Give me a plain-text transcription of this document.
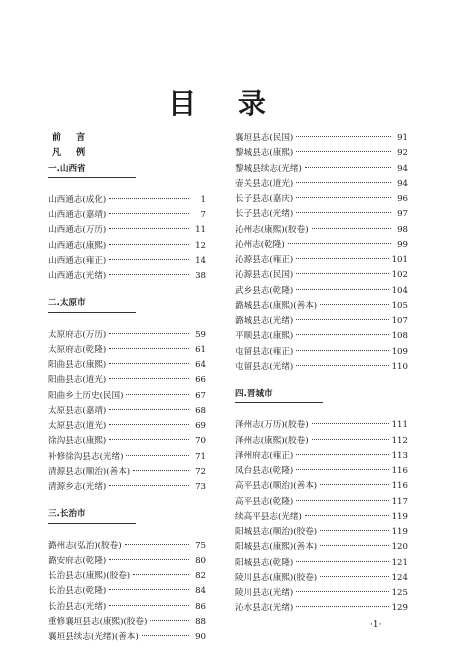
目 录
前 言
凡 例
一.山西省
山西通志(成化)	1
山西通志(嘉靖)	7
山西通志(万历)	11
山西通志(康熙)	12
山西通志(雍正)	14
山西通志(光绪)	38
二.太原市
太原府志(万历)	59
太原府志(乾隆)	61
阳曲县志(康熙)	64
阳曲县志(道光)	66
阳曲乡土历史(民国)	67
太原县志(嘉靖)	68
太原县志(道光)	69
徐沟县志(康熙)	70
补修徐沟县志(光绪)	71
清源县志(顺治)(善本)	72
清源乡志(光绪)	73
三.长治市
潞州志(弘治)(胶卷)	75
潞安府志(乾隆)	80
长治县志(康熙)(胶卷)	82
长治县志(乾隆)	84
长治县志(光绪)	86
重修襄垣县志(康熙)(胶卷)	88
襄垣县续志(光绪)(善本)	90
襄垣县志(民国)	91
黎城县志(康熙)	92
黎城县续志(光绪)	94
壶关县志(道光)	94
长子县志(嘉庆)	96
长子县志(光绪)	97
沁州志(康熙)(胶卷)	98
沁州志(乾隆)	99
沁源县志(雍正)	101
沁源县志(民国)	102
武乡县志(乾隆)	104
潞城县志(康熙)(善本)	105
潞城县志(光绪)	107
平顺县志(康熙)	108
屯留县志(雍正)	109
屯留县志(光绪)	110
四.晋城市
泽州志(万历)(胶卷)	111
泽州志(康熙)(胶卷)	112
泽州府志(雍正)	113
凤台县志(乾隆)	116
高平县志(顺治)(善本)	116
高平县志(乾隆)	117
续高平县志(光绪)	119
阳城县志(顺治)(胶卷)	119
阳城县志(康熙)(善本)	120
阳城县志(乾隆)	121
陵川县志(康熙)(胶卷)	124
陵川县志(光绪)	125
沁水县志(光绪)	129
·1·
